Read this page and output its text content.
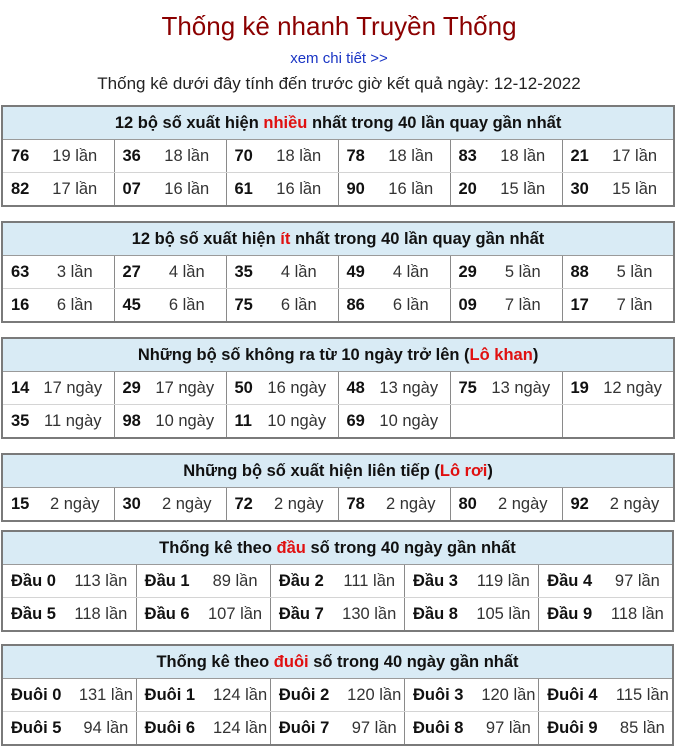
Thống kê nhanh Truyền Thống
xem chi tiết >>
Thống kê dưới đây tính đến trước giờ kết quả ngày: 12-12-2022
12 bộ số xuất hiện nhiều nhất trong 40 lần quay gần nhất											
76	19 lần	36	18 lần	70	18 lần	78	18 lần	83	18 lần	21	17 lần
82	17 lần	07	16 lần	61	16 lần	90	16 lần	20	15 lần	30	15 lần
12 bộ số xuất hiện ít nhất trong 40 lần quay gần nhất											
63	3 lần	27	4 lần	35	4 lần	49	4 lần	29	5 lần	88	5 lần
16	6 lần	45	6 lần	75	6 lần	86	6 lần	09	7 lần	17	7 lần
Những bộ số không ra từ 10 ngày trở lên (Lô khan)											
14	17 ngày	29	17 ngày	50	16 ngày	48	13 ngày	75	13 ngày	19	12 ngày
35	11 ngày	98	10 ngày	11	10 ngày	69	10 ngày				
Những bộ số xuất hiện liên tiếp (Lô rơi)
15	2 ngày	30	2 ngày	72	2 ngày	78	2 ngày	80	2 ngày	92	2 ngày
Thống kê theo đầu số trong 40 ngày gần nhất									
Đầu 0	113 lần	Đầu 1	89 lần	Đầu 2	111 lần	Đầu 3	119 lần	Đầu 4	97 lần
Đầu 5	118 lần	Đầu 6	107 lần	Đầu 7	130 lần	Đầu 8	105 lần	Đầu 9	118 lần
Thống kê theo đuôi số trong 40 ngày gần nhất									
Đuôi 0	131 lần	Đuôi 1	124 lần	Đuôi 2	120 lần	Đuôi 3	120 lần	Đuôi 4	115 lần
Đuôi 5	94 lần	Đuôi 6	124 lần	Đuôi 7	97 lần	Đuôi 8	97 lần	Đuôi 9	85 lần
